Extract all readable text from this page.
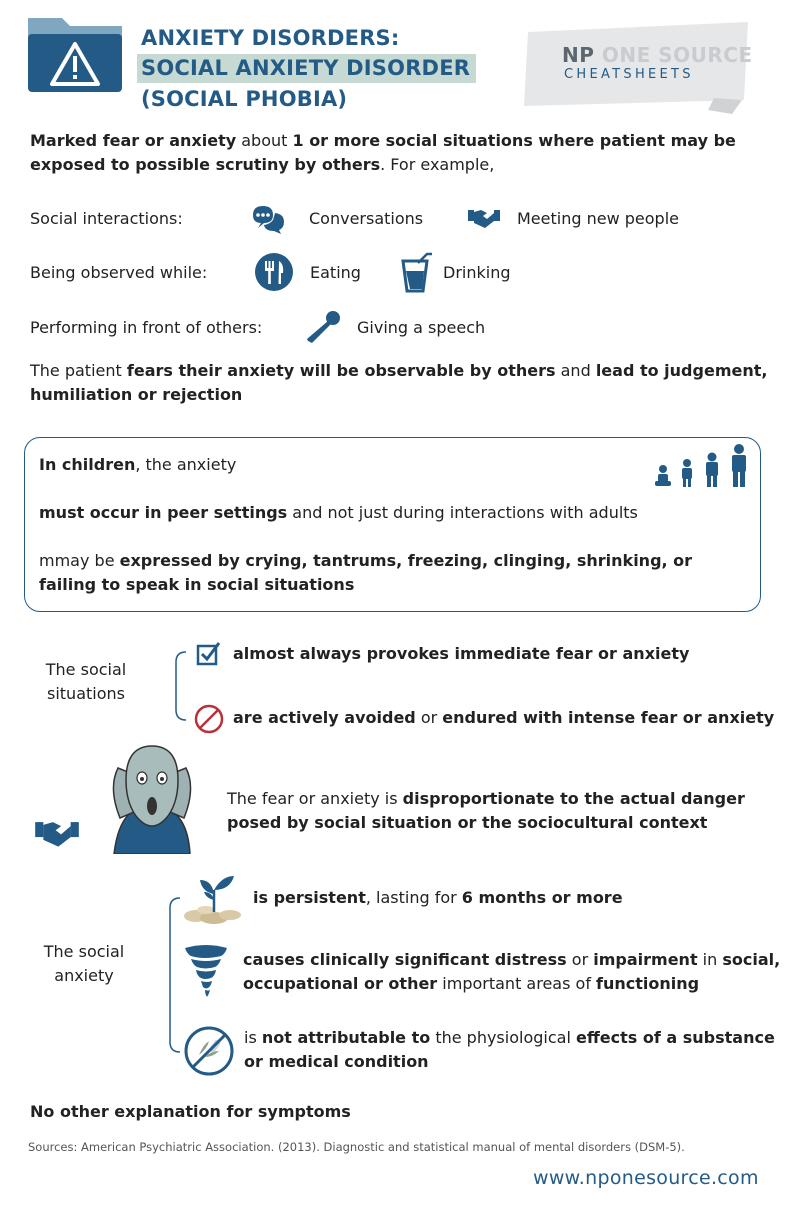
ANXIETY DISORDERS:
SOCIAL ANXIETY DISORDER
(SOCIAL PHOBIA)
NP ONE SOURCE
CHEATSHEETS
Marked fear or anxiety about 1 or more social situations where patient may be exposed to possible scrutiny by others. For example,
Social interactions:	Conversations	Meeting new people
Being observed while:	Eating	Drinking
Performing in front of others:	Giving a speech
The patient fears their anxiety will be observable by others and lead to judgement, humiliation or rejection
In children, the anxiety
must occur in peer settings and not just during interactions with adults
mmay be expressed by crying, tantrums, freezing, clinging, shrinking, or failing to speak in social situations
The social
situations
almost always provokes immediate fear or anxiety
are actively avoided or endured with intense fear or anxiety
The fear or anxiety is disproportionate to the actual danger posed by social situation or the sociocultural context
The social
anxiety
is persistent, lasting for 6 months or more
causes clinically significant distress or impairment in social, occupational or other important areas of functioning
is not attributable to the physiological effects of a substance or medical condition
No other explanation for symptoms
Sources: American Psychiatric Association. (2013). Diagnostic and statistical manual of mental disorders (DSM-5).
www.nponesource.com
